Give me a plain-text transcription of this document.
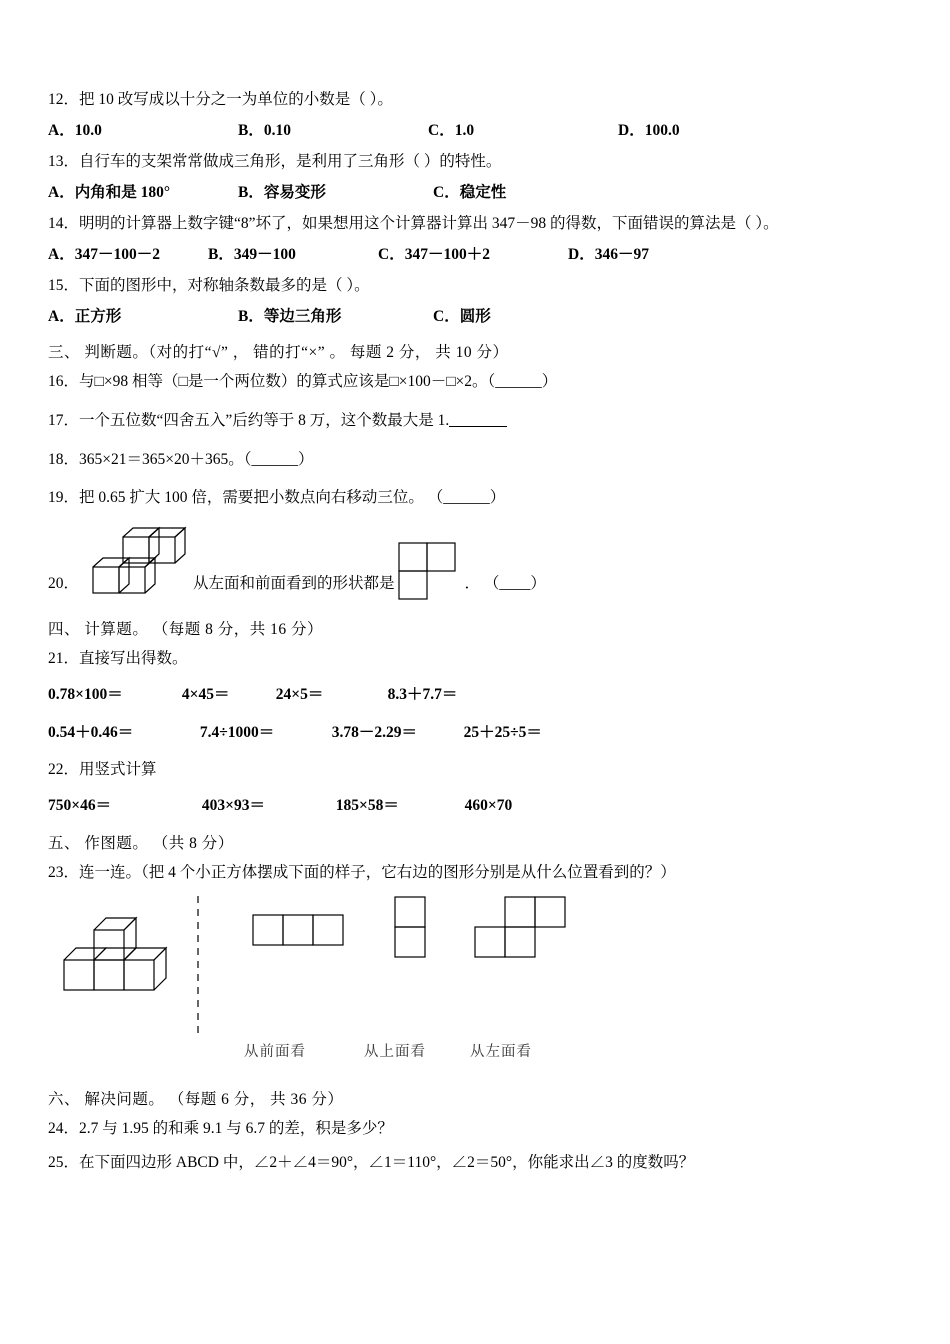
12．把 10 改写成以十分之一为单位的小数是（ ）。
A．10.0	B．0.10	C．1.0	D．100.0
13．自行车的支架常常做成三角形，是利用了三角形（ ）的特性。
A．内角和是 180°	B．容易变形	C．稳定性
14．明明的计算器上数字键“8”坏了，如果想用这个计算器计算出 347－98 的得数，下面错误的算法是（ ）。
A．347－100－2	B．349－100	C．347－100＋2	D．346－97
15．下面的图形中，对称轴条数最多的是（ ）。
A．正方形	B．等边三角形	C．圆形
三、 判断题。（对的打“√” ， 错的打“×” 。 每题 2 分， 共 10 分）
16．与□×98 相等（□是一个两位数）的算式应该是□×100－□×2。（______）
17．一个五位数“四舍五入”后约等于 8 万，这个数最大是 1.
18．365×21＝365×20＋365。（______）
19．把 0.65 扩大 100 倍，需要把小数点向右移动三位。 （______）
20．	从左面和前面看到的形状都是	． （____）
四、 计算题。 （每题 8 分，共 16 分）
21．直接写出得数。
0.78×100＝	4×45＝	24×5＝	8.3＋7.7＝
0.54＋0.46＝	7.4÷1000＝	3.78－2.29＝	25＋25÷5＝
22．用竖式计算
750×46＝	403×93＝	185×58＝	460×70
五、 作图题。 （共 8 分）
23．连一连。（把 4 个小正方体摆成下面的样子，它右边的图形分别是从什么位置看到的？）
从前面看	从上面看	从左面看
六、 解决问题。 （每题 6 分， 共 36 分）
24．2.7 与 1.95 的和乘 9.1 与 6.7 的差，积是多少？
25．在下面四边形 ABCD 中，∠2＋∠4＝90°，∠1＝110°，∠2＝50°，你能求出∠3 的度数吗？
